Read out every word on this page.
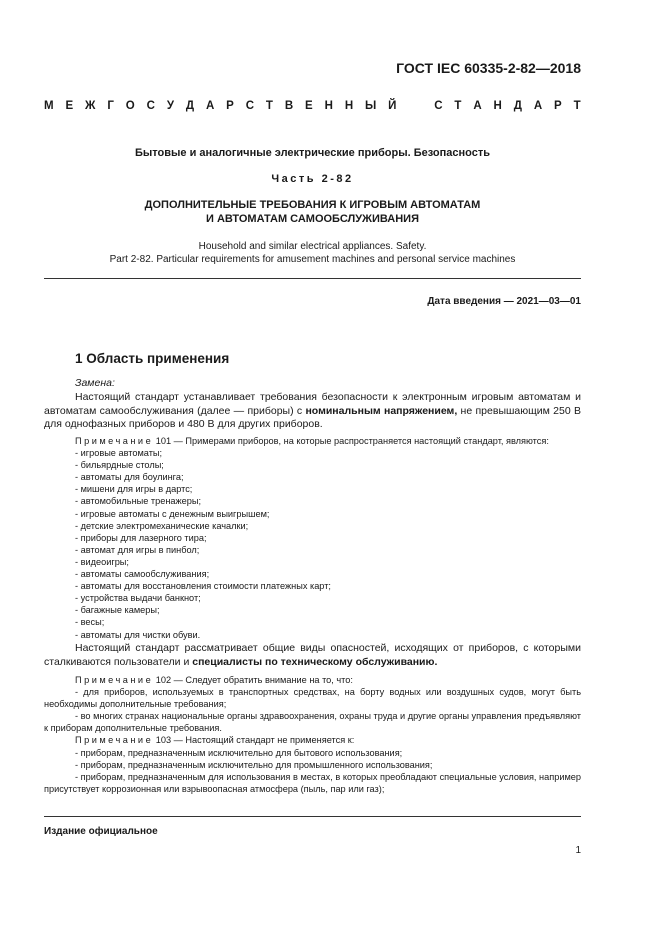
ГОСТ IEC 60335-2-82—2018
М Е Ж Г О С У Д А Р С Т В Е Н Н Ы Й	С Т А Н Д А Р Т
Бытовые и аналогичные электрические приборы. Безопасность
Часть 2-82
ДОПОЛНИТЕЛЬНЫЕ ТРЕБОВАНИЯ К ИГРОВЫМ АВТОМАТАМ
И АВТОМАТАМ САМООБСЛУЖИВАНИЯ
Household and similar electrical appliances. Safety.
Part 2-82. Particular requirements for amusement machines and personal service machines
Дата введения — 2021—03—01
1 Область применения
Замена:
Настоящий стандарт устанавливает требования безопасности к электронным игровым автоматам и автоматам самообслуживания (далее — приборы) с номинальным напряжением, не превышающим 250 В для однофазных приборов и 480 В для других приборов.
Примечание 101 — Примерами приборов, на которые распространяется настоящий стандарт, являются:
- игровые автоматы;
- бильярдные столы;
- автоматы для боулинга;
- мишени для игры в дартс;
- автомобильные тренажеры;
- игровые автоматы с денежным выигрышем;
- детские электромеханические качалки;
- приборы для лазерного тира;
- автомат для игры в пинбол;
- видеоигры;
- автоматы самообслуживания;
- автоматы для восстановления стоимости платежных карт;
- устройства выдачи банкнот;
- багажные камеры;
- весы;
- автоматы для чистки обуви.
Настоящий стандарт рассматривает общие виды опасностей, исходящих от приборов, с которыми сталкиваются пользователи и специалисты по техническому обслуживанию.
Примечание 102 — Следует обратить внимание на то, что:

- для приборов, используемых в транспортных средствах, на борту водных или воздушных судов, могут быть необходимы дополнительные требования;

- во многих странах национальные органы здравоохранения, охраны труда и другие органы управления предъявляют к приборам дополнительные требования.

Примечание 103 — Настоящий стандарт не применяется к:

- приборам, предназначенным исключительно для бытового использования;

- приборам, предназначенным исключительно для промышленного использования;

- приборам, предназначенным для использования в местах, в которых преобладают специальные условия, например присутствует коррозионная или взрывоопасная атмосфера (пыль, пар или газ);

Издание официальное
1
